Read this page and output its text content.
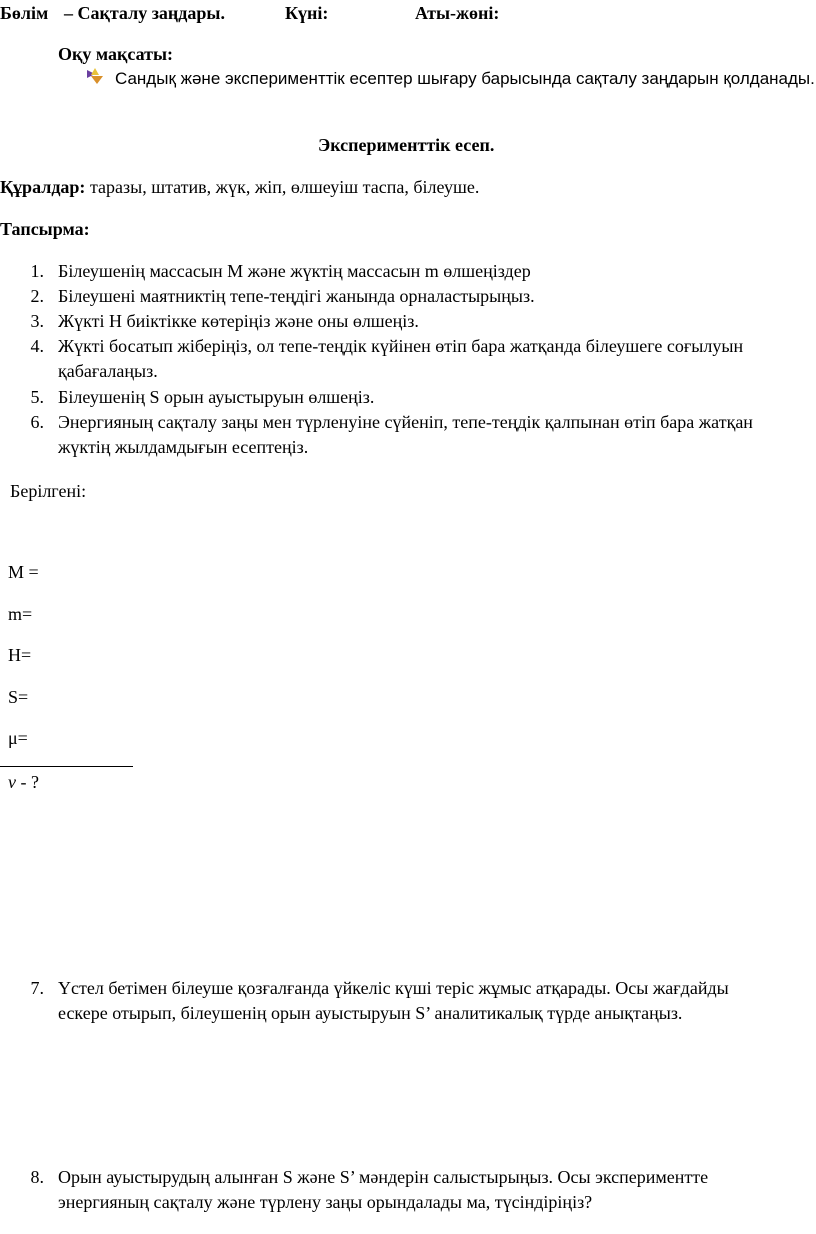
Бөлім – Сақталу заңдары.	Күні:	Аты-жөні:
Оқу мақсаты:
Сандық және эксперименттік есептер шығару барысында сақталу заңдарын қолданады.
Эксперименттік есеп.
Құралдар: таразы, штатив, жүк, жіп, өлшеуіш таспа, білеуше.
Тапсырма:
1. Білеушенің массасын М және жүктің массасын m өлшеңіздер
2. Білеушені маятниктің тепе-теңдігі жанында орналастырыңыз.
3. Жүкті Н биіктікке көтеріңіз және оны өлшеңіз.
4. Жүкті босатып жіберіңіз, ол тепе-теңдік күйінен өтіп бара жатқанда білеушеге соғылуын
қабағалаңыз.
5. Білеушенің S орын ауыстыруын өлшеңіз.
6. Энергияның сақталу заңы мен түрленуіне сүйеніп, тепе-теңдік қалпынан өтіп бара жатқан
жүктің жылдамдығын есептеңіз.
Берілгені:
М =
m=
H=
S=
μ=
ν - ?
7. Үстел бетімен білеуше қозғалғанда үйкеліс күші теріс жұмыс атқарады. Осы жағдайды
ескере отырып, білеушенің орын ауыстыруын S’ аналитикалық түрде анықтаңыз.
8. Орын ауыстырудың алынған S және S’ мәндерін салыстырыңыз. Осы экспериментте
энергияның сақталу және түрлену заңы орындалады ма, түсіндіріңіз?
